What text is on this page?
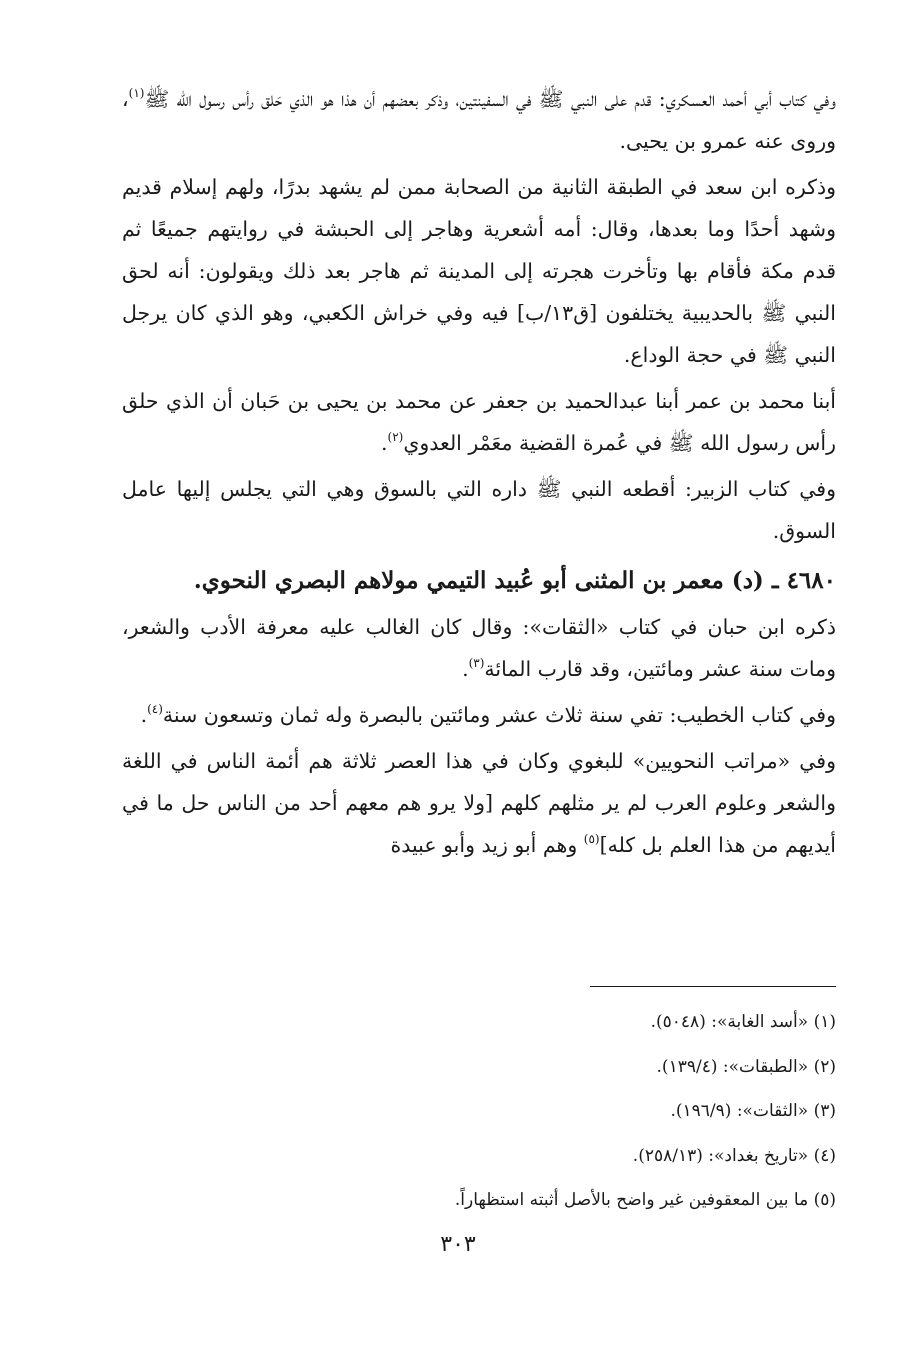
وفي كتاب أبي أحمد العسكري: قدم على النبي ﷺ في السفينتين، وذكر بعضهم أن هذا هو الذي حَلق رأس رسول الله ﷺ$^{(١)}$، وروى عنه عمرو بن يحيى.

وذكره ابن سعد في الطبقة الثانية من الصحابة ممن لم يشهد بدرًا، ولهم إسلام قديم وشهد أحدًا وما بعدها، وقال: أمه أشعرية وهاجر إلى الحبشة في روايتهم جميعًا ثم قدم مكة فأقام بها وتأخرت هجرته إلى المدينة ثم هاجر بعد ذلك ويقولون: أنه لحق النبي ﷺ بالحديبية يختلفون [ق١٣/ب] فيه وفي خراش الكعبي، وهو الذي كان يرجل النبي ﷺ في حجة الوداع.

أبنا محمد بن عمر أبنا عبدالحميد بن جعفر عن محمد بن يحيى بن حَبان أن الذي حلق رأس رسول الله ﷺ في عُمرة القضية معَمْر العدوي$^{(٢)}$.

وفي كتاب الزبير: أقطعه النبي ﷺ داره التي بالسوق وهي التي يجلس إليها عامل السوق.

٤٦٨٠ ـ (د) معمر بن المثنى أبو عُبيد التيمي مولاهم البصري النحوي.

ذكره ابن حبان في كتاب «الثقات»: وقال كان الغالب عليه معرفة الأدب والشعر، ومات سنة عشر ومائتين، وقد قارب المائة$^{(٣)}$.

وفي كتاب الخطيب: تفي سنة ثلاث عشر ومائتين بالبصرة وله ثمان وتسعون سنة$^{(٤)}$.

وفي «مراتب النحويين» للبغوي وكان في هذا العصر ثلاثة هم أئمة الناس في اللغة والشعر وعلوم العرب لم ير مثلهم كلهم [ولا يرو هم معهم أحد من الناس حل ما في أيديهم من هذا العلم بل كله]$^{(٥)}$ وهم أبو زيد وأبو عبيدة

(١) «أسد الغابة»: (٥٠٤٨).
(٢) «الطبقات»: (١٣٩/٤).
(٣) «الثقات»: (١٩٦/٩).
(٤) «تاريخ بغداد»: (٢٥٨/١٣).
(٥) ما بين المعقوفين غير واضح بالأصل أثبته استظهاراً.
٣٠٣
